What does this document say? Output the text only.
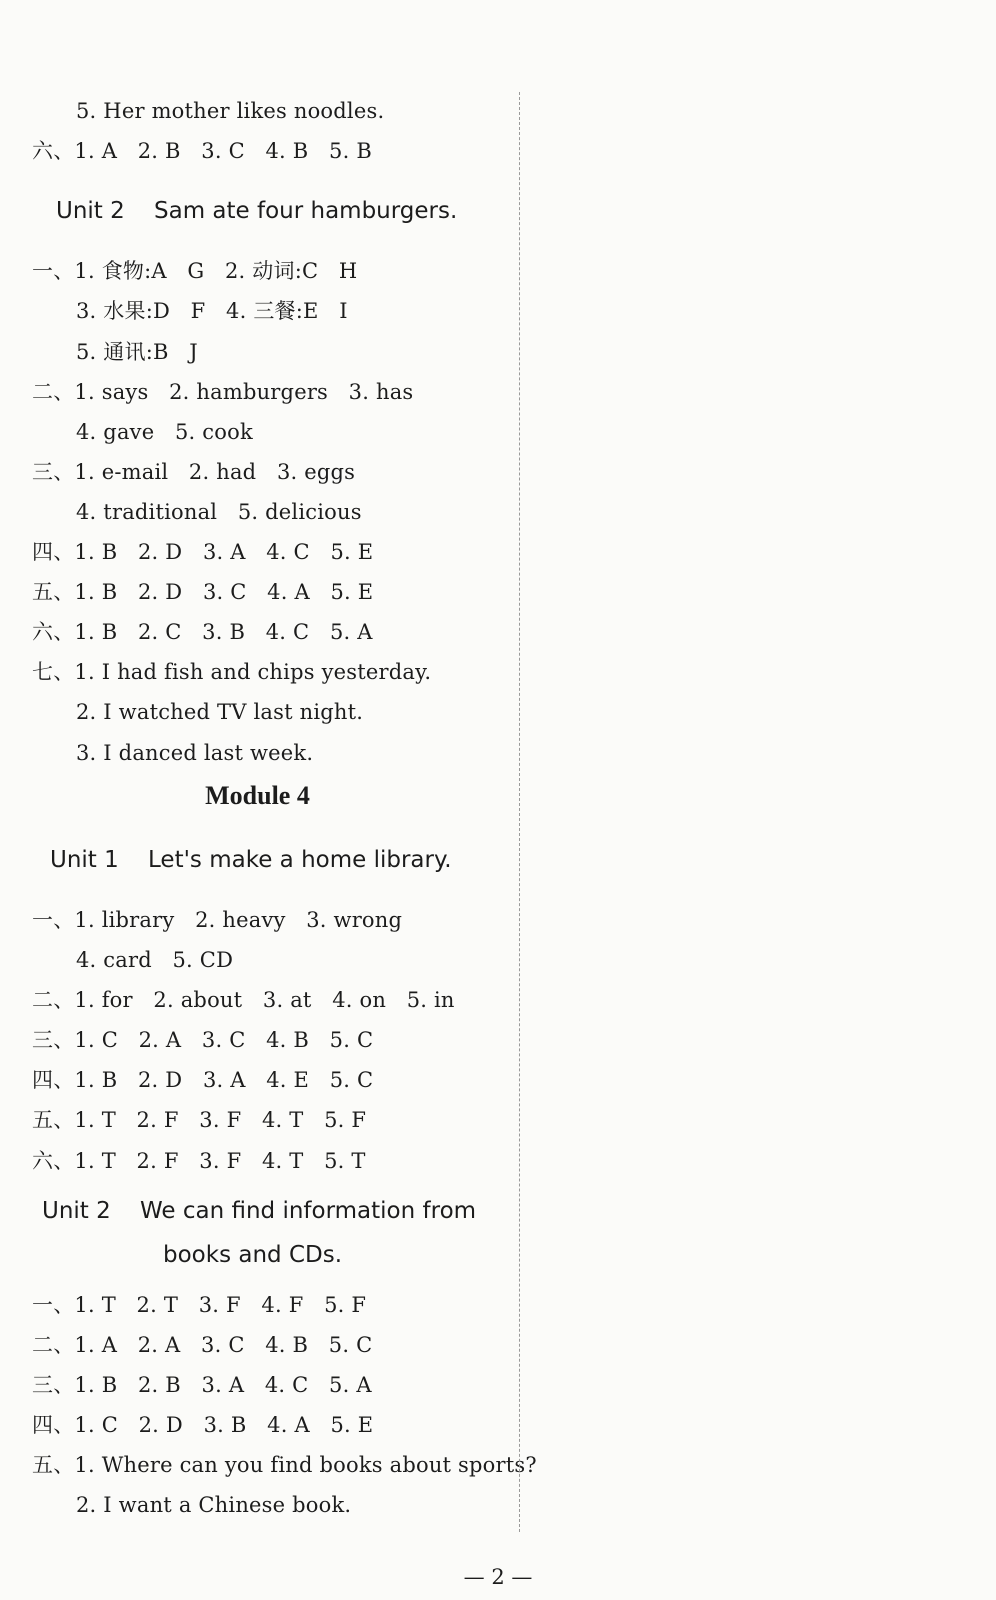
5. Her mother likes noodles.
六、1. A   2. B   3. C   4. B   5. B
Unit 2    Sam ate four hamburgers.
一、1. 食物:A   G   2. 动词:C   H
3. 水果:D   F   4. 三餐:E   I
5. 通讯:B   J
二、1. says   2. hamburgers   3. has
4. gave   5. cook
三、1. e-mail   2. had   3. eggs
4. traditional   5. delicious
四、1. B   2. D   3. A   4. C   5. E
五、1. B   2. D   3. C   4. A   5. E
六、1. B   2. C   3. B   4. C   5. A
七、1. I had fish and chips yesterday.
2. I watched TV last night.
3. I danced last week.
Module 4
Unit 1    Let's make a home library.
一、1. library   2. heavy   3. wrong
4. card   5. CD
二、1. for   2. about   3. at   4. on   5. in
三、1. C   2. A   3. C   4. B   5. C
四、1. B   2. D   3. A   4. E   5. C
五、1. T   2. F   3. F   4. T   5. F
六、1. T   2. F   3. F   4. T   5. T
Unit 2    We can find information from
books and CDs.
一、1. T   2. T   3. F   4. F   5. F
二、1. A   2. A   3. C   4. B   5. C
三、1. B   2. B   3. A   4. C   5. A
四、1. C   2. D   3. B   4. A   5. E
五、1. Where can you find books about sports?
2. I want a Chinese book.
— 2 —
